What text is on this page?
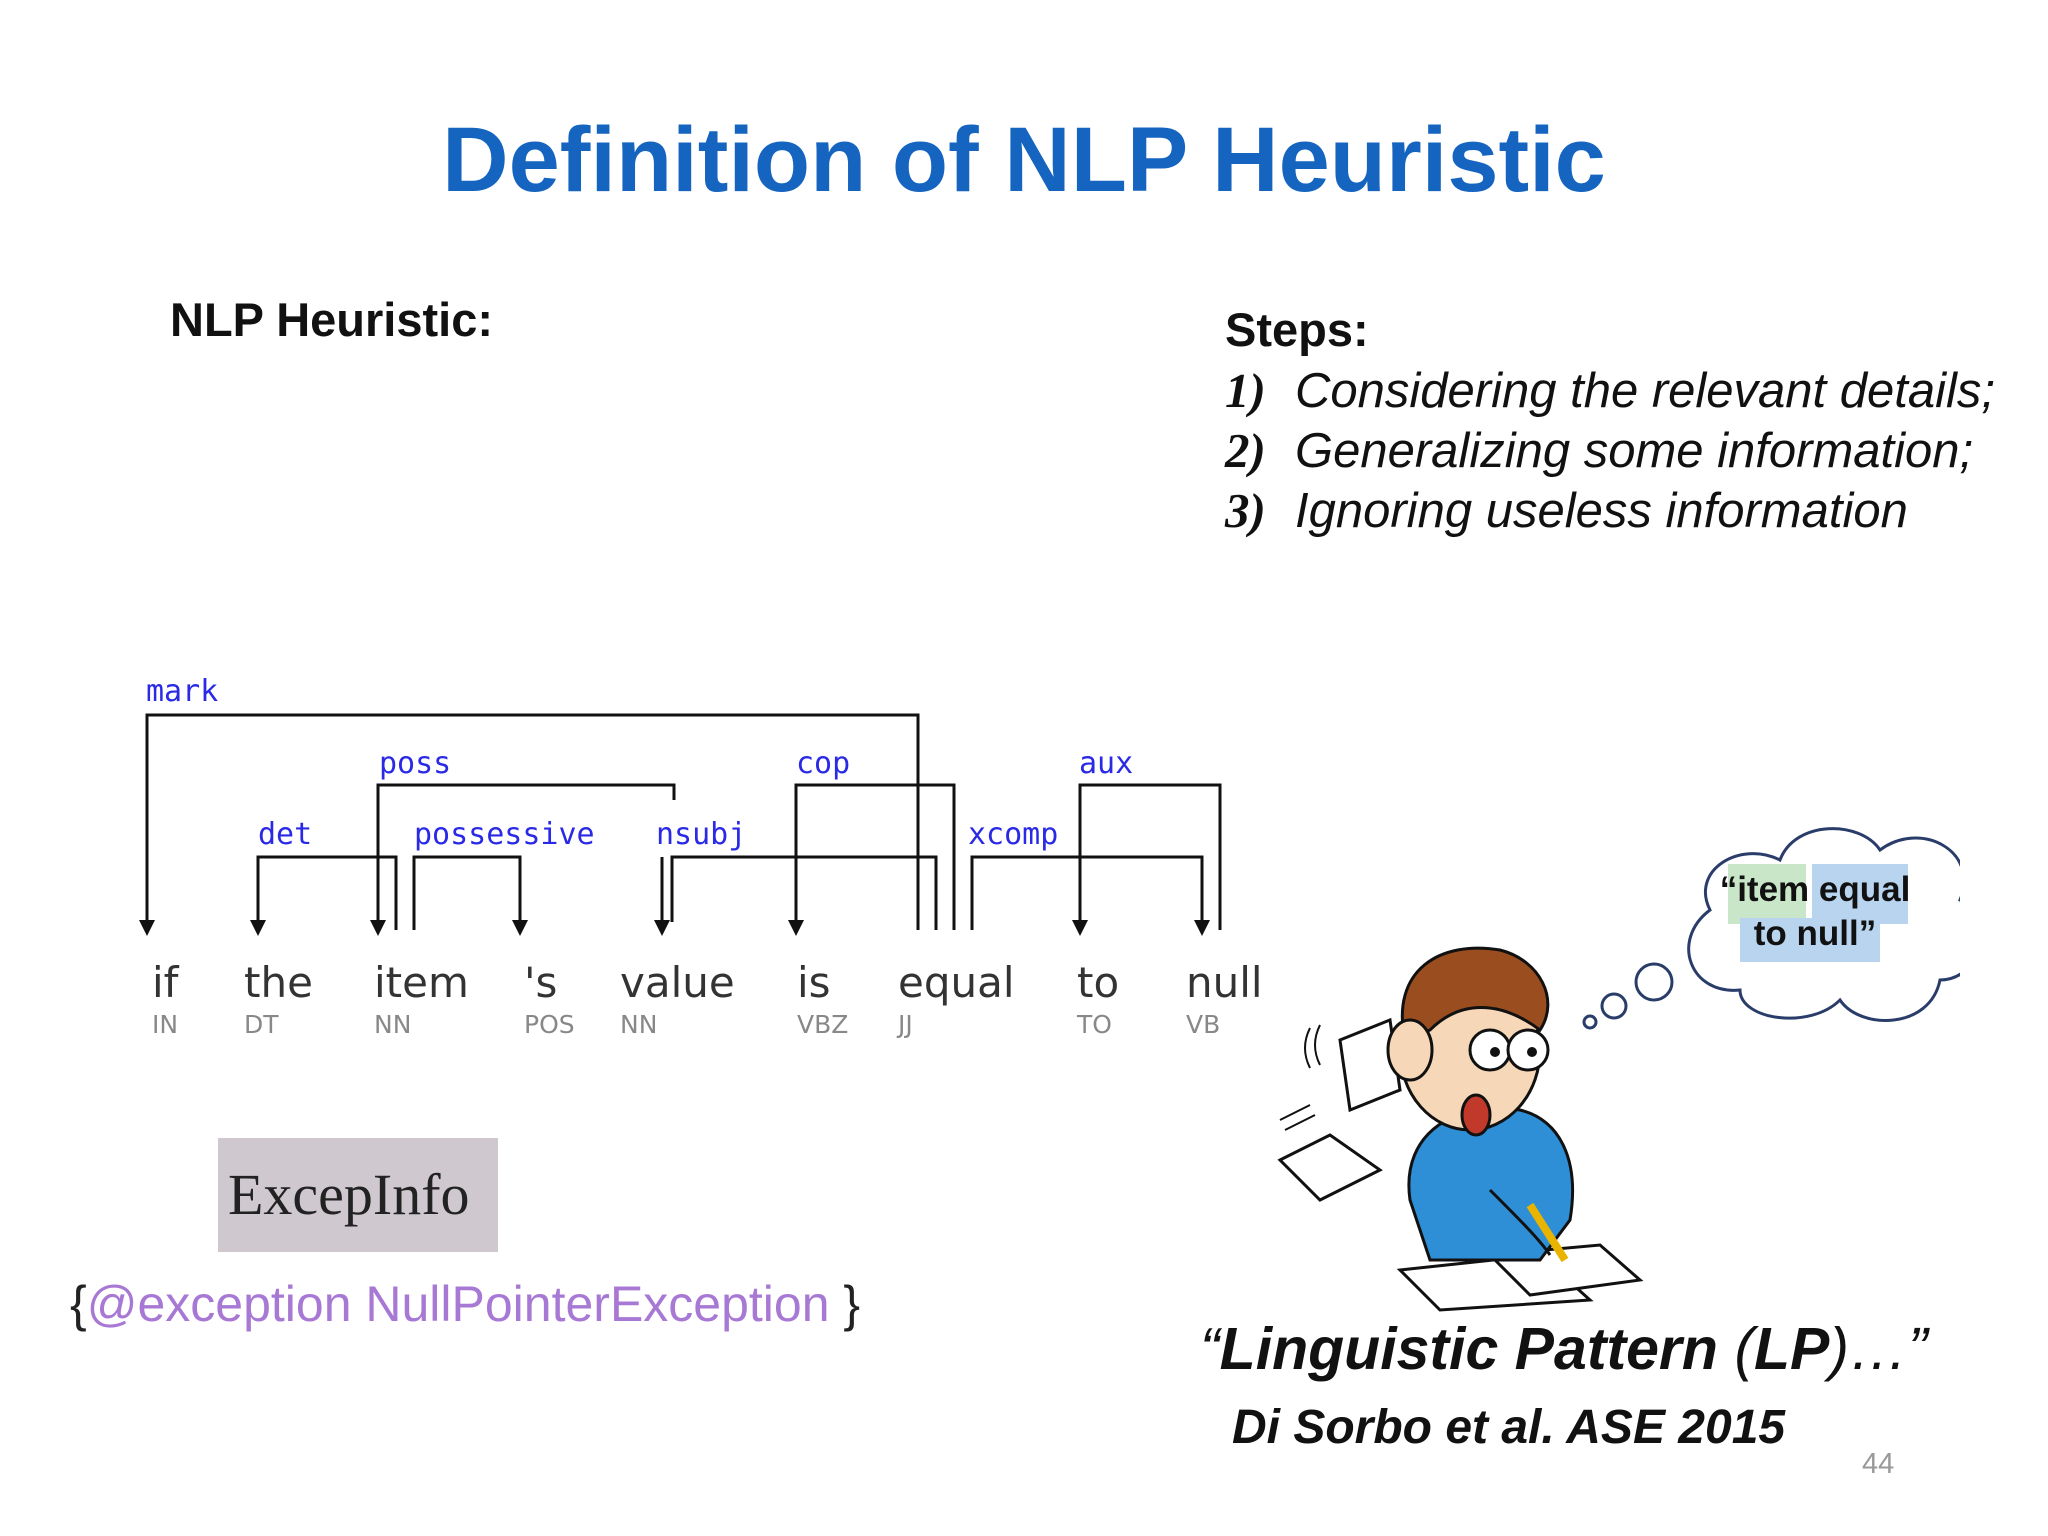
Definition of NLP Heuristic
NLP Heuristic:	Steps:
1) Considering the relevant details;
2) Generalizing some information;
3) Ignoring useless information
mark
poss	cop	aux
det	possessive nsubj	xcomp
if the item 's value is equal to null
IN	DT	NN	POS NN	VBZ JJ	TO	VB
ExcepInfo
{@exception NullPointerException }
“item equal
to null”
“Linguistic Pattern (LP)…”
Di Sorbo et al. ASE 2015
44
